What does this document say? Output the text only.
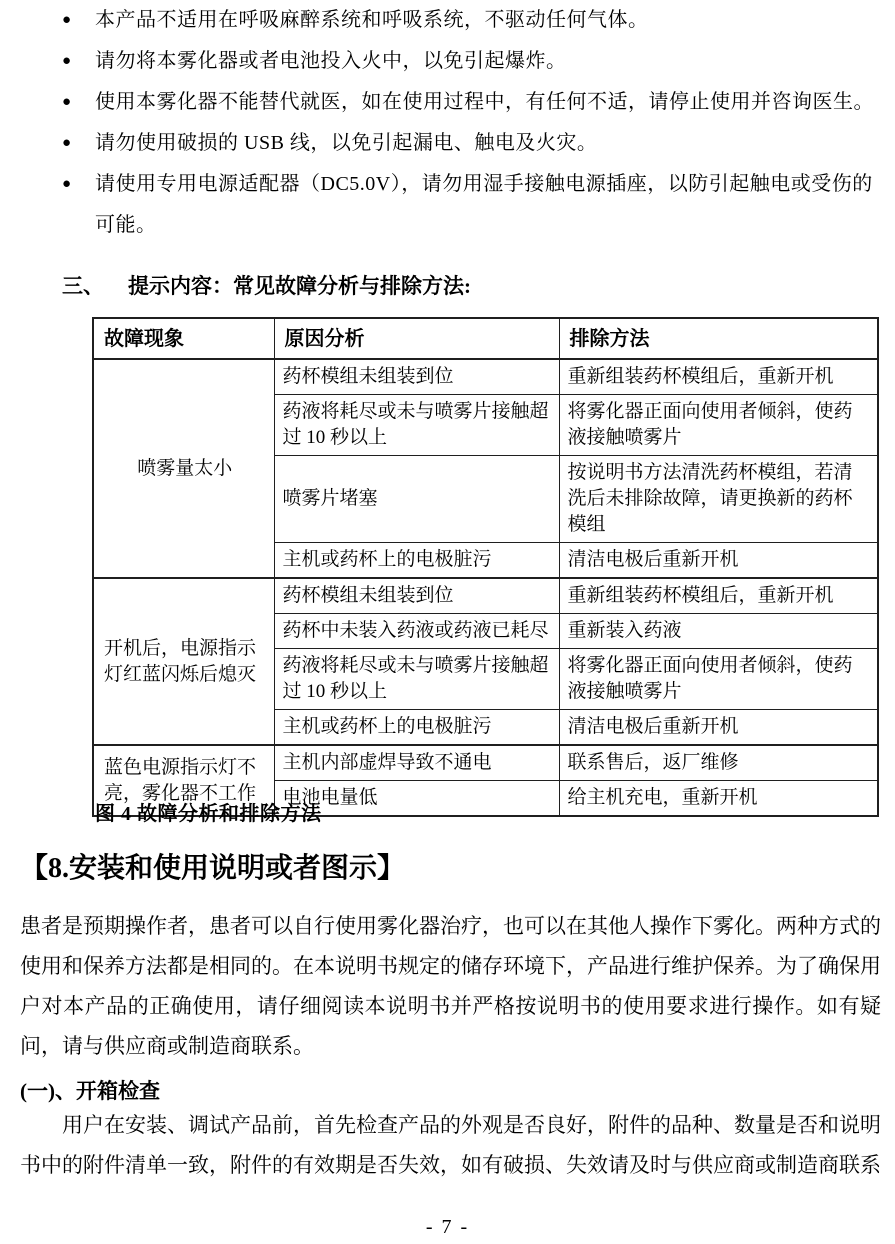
● 本产品不适用在呼吸麻醉系统和呼吸系统，不驱动任何气体。
● 请勿将本雾化器或者电池投入火中，以免引起爆炸。
● 使用本雾化器不能替代就医，如在使用过程中，有任何不适，请停止使用并咨询医生。
● 请勿使用破损的 USB 线，以免引起漏电、触电及火灾。
● 请使用专用电源适配器（DC5.0V），请勿用湿手接触电源插座，以防引起触电或受伤的可能。
三、 提示内容：常见故障分析与排除方法:
故障现象	原因分析	排除方法
喷雾量太小	药杯模组未组装到位	重新组装药杯模组后，重新开机
	药液将耗尽或未与喷雾片接触超过 10 秒以上	将雾化器正面向使用者倾斜，使药液接触喷雾片
	喷雾片堵塞	按说明书方法清洗药杯模组，若清洗后未排除故障，请更换新的药杯模组
	主机或药杯上的电极脏污	清洁电极后重新开机
开机后，电源指示灯红蓝闪烁后熄灭	药杯模组未组装到位	重新组装药杯模组后，重新开机
	药杯中未装入药液或药液已耗尽	重新装入药液
	药液将耗尽或未与喷雾片接触超过 10 秒以上	将雾化器正面向使用者倾斜，使药液接触喷雾片
	主机或药杯上的电极脏污	清洁电极后重新开机
蓝色电源指示灯不亮，雾化器不工作	主机内部虚焊导致不通电	联系售后，返厂维修
	电池电量低	给主机充电，重新开机
图 4 故障分析和排除方法
【8.安装和使用说明或者图示】
患者是预期操作者，患者可以自行使用雾化器治疗，也可以在其他人操作下雾化。两种方式的使用和保养方法都是相同的。在本说明书规定的储存环境下，产品进行维护保养。为了确保用户对本产品的正确使用，请仔细阅读本说明书并严格按说明书的使用要求进行操作。如有疑问，请与供应商或制造商联系。
(一)、开箱检查
用户在安装、调试产品前，首先检查产品的外观是否良好，附件的品种、数量是否和说明书中的附件清单一致，附件的有效期是否失效，如有破损、失效请及时与供应商或制造商联系
- 7 -
